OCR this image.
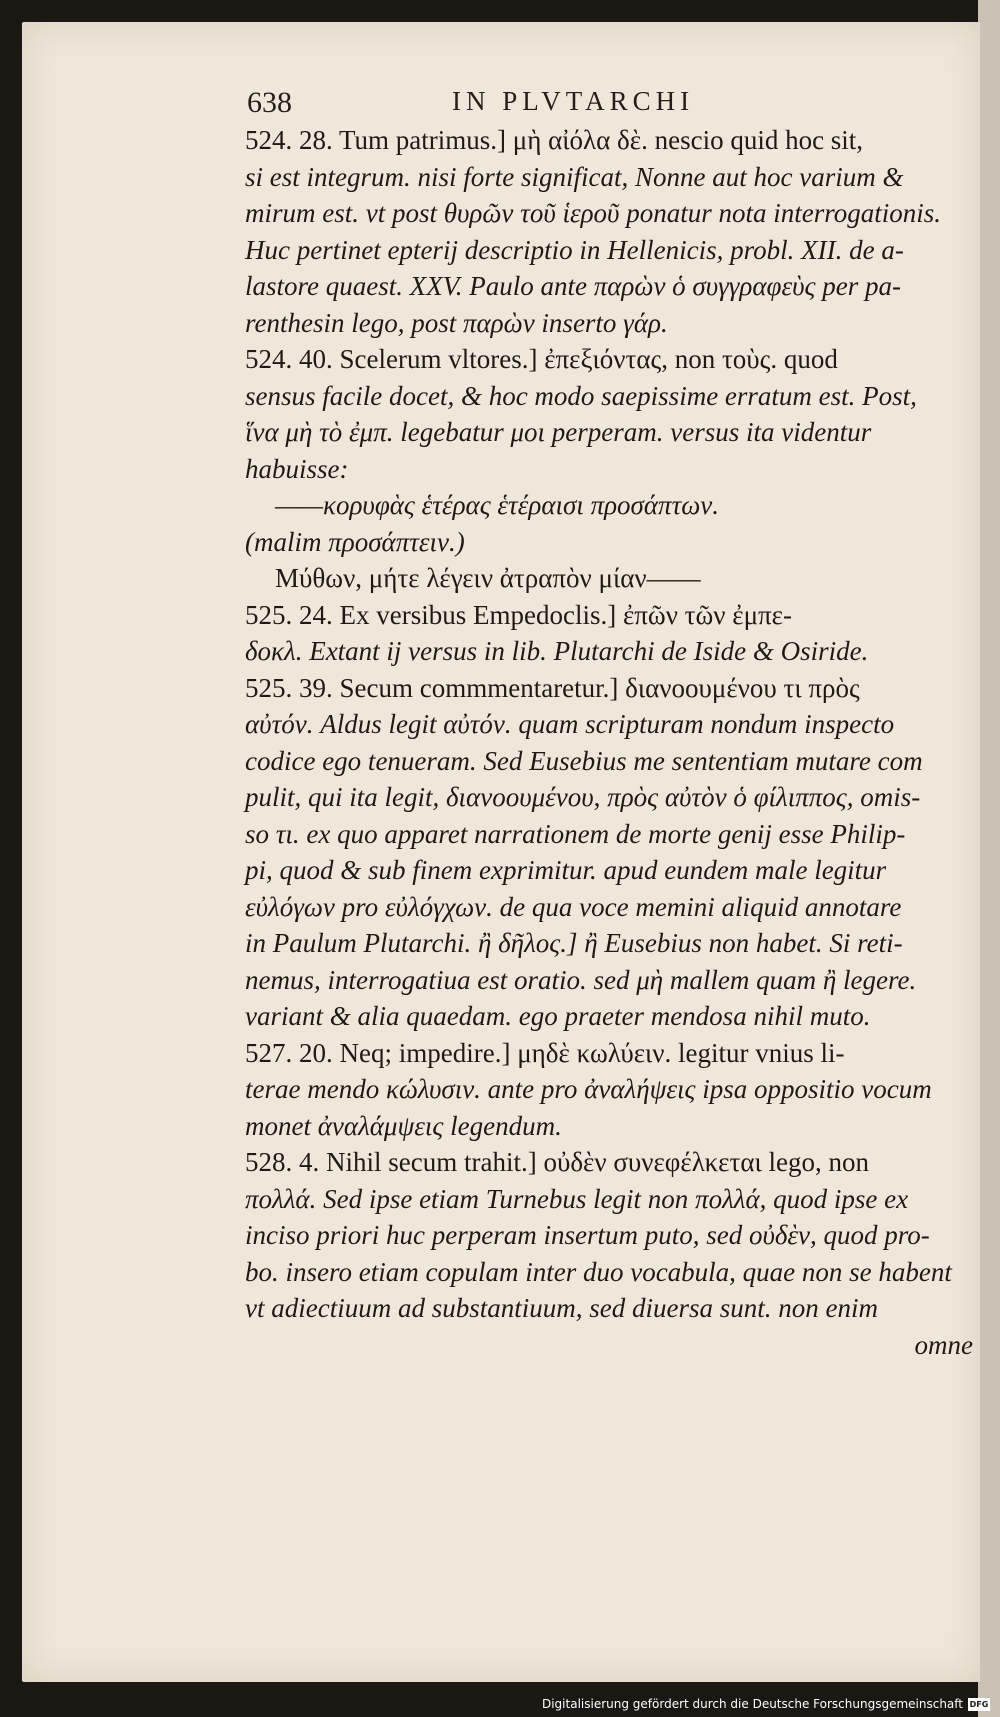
638	IN PLVTARCHI
524. 28. Tum patrimus.] μὴ αἰόλα δὲ. nescio quid hoc sit,
si est integrum. nisi forte significat, Nonne aut hoc varium &
mirum est. vt post θυρῶν τοῦ ἱεροῦ ponatur nota interrogationis.
Huc pertinet epterij descriptio in Hellenicis, probl. XII. de a-
lastore quaest. XXV. Paulo ante παρὼν ὁ συγγραφεὺς per pa-
renthesin lego, post παρὼν inserto γάρ.
524. 40. Scelerum vltores.] ἐπεξιόντας, non τοὺς. quod
sensus facile docet, & hoc modo saepissime erratum est. Post,
ἵνα μὴ τὸ ἐμπ. legebatur μοι perperam. versus ita videntur
habuisse:
——κορυφὰς ἑτέρας ἑτέραισι προσάπτων.
(malim προσάπτειν.)
Μύθων, μήτε λέγειν ἀτραπὸν μίαν——
525. 24. Ex versibus Empedoclis.] ἐπῶν τῶν ἐμπε-
δοκλ. Extant ij versus in lib. Plutarchi de Iside & Osiride.
525. 39. Secum commmentaretur.] διανοουμένου τι πρὸς
αὐτόν. Aldus legit αὐτόν. quam scripturam nondum inspecto
codice ego tenueram. Sed Eusebius me sententiam mutare com
pulit, qui ita legit, διανοουμένου, πρὸς αὐτὸν ὁ φίλιππος, omis-
so τι. ex quo apparet narrationem de morte genij esse Philip-
pi, quod & sub finem exprimitur. apud eundem male legitur
εὐλόγων pro εὐλόγχων. de qua voce memini aliquid annotare
in Paulum Plutarchi. ἢ δῆλος.] ἢ Eusebius non habet. Si reti-
nemus, interrogatiua est oratio. sed μὴ mallem quam ἢ legere.
variant & alia quaedam. ego praeter mendosa nihil muto.
527. 20. Neq; impedire.] μηδὲ κωλύειν. legitur vnius li-
terae mendo κώλυσιν. ante pro ἀναλήψεις ipsa oppositio vocum
monet ἀναλάμψεις legendum.
528. 4. Nihil secum trahit.] οὐδὲν συνεφέλκεται lego, non
πολλά. Sed ipse etiam Turnebus legit non πολλά, quod ipse ex
inciso priori huc perperam insertum puto, sed οὐδὲν, quod pro-
bo. insero etiam copulam inter duo vocabula, quae non se habent
vt adiectiuum ad substantiuum, sed diuersa sunt. non enim
omne
Digitalisierung gefördert durch die Deutsche Forschungsgemeinschaft DFG
